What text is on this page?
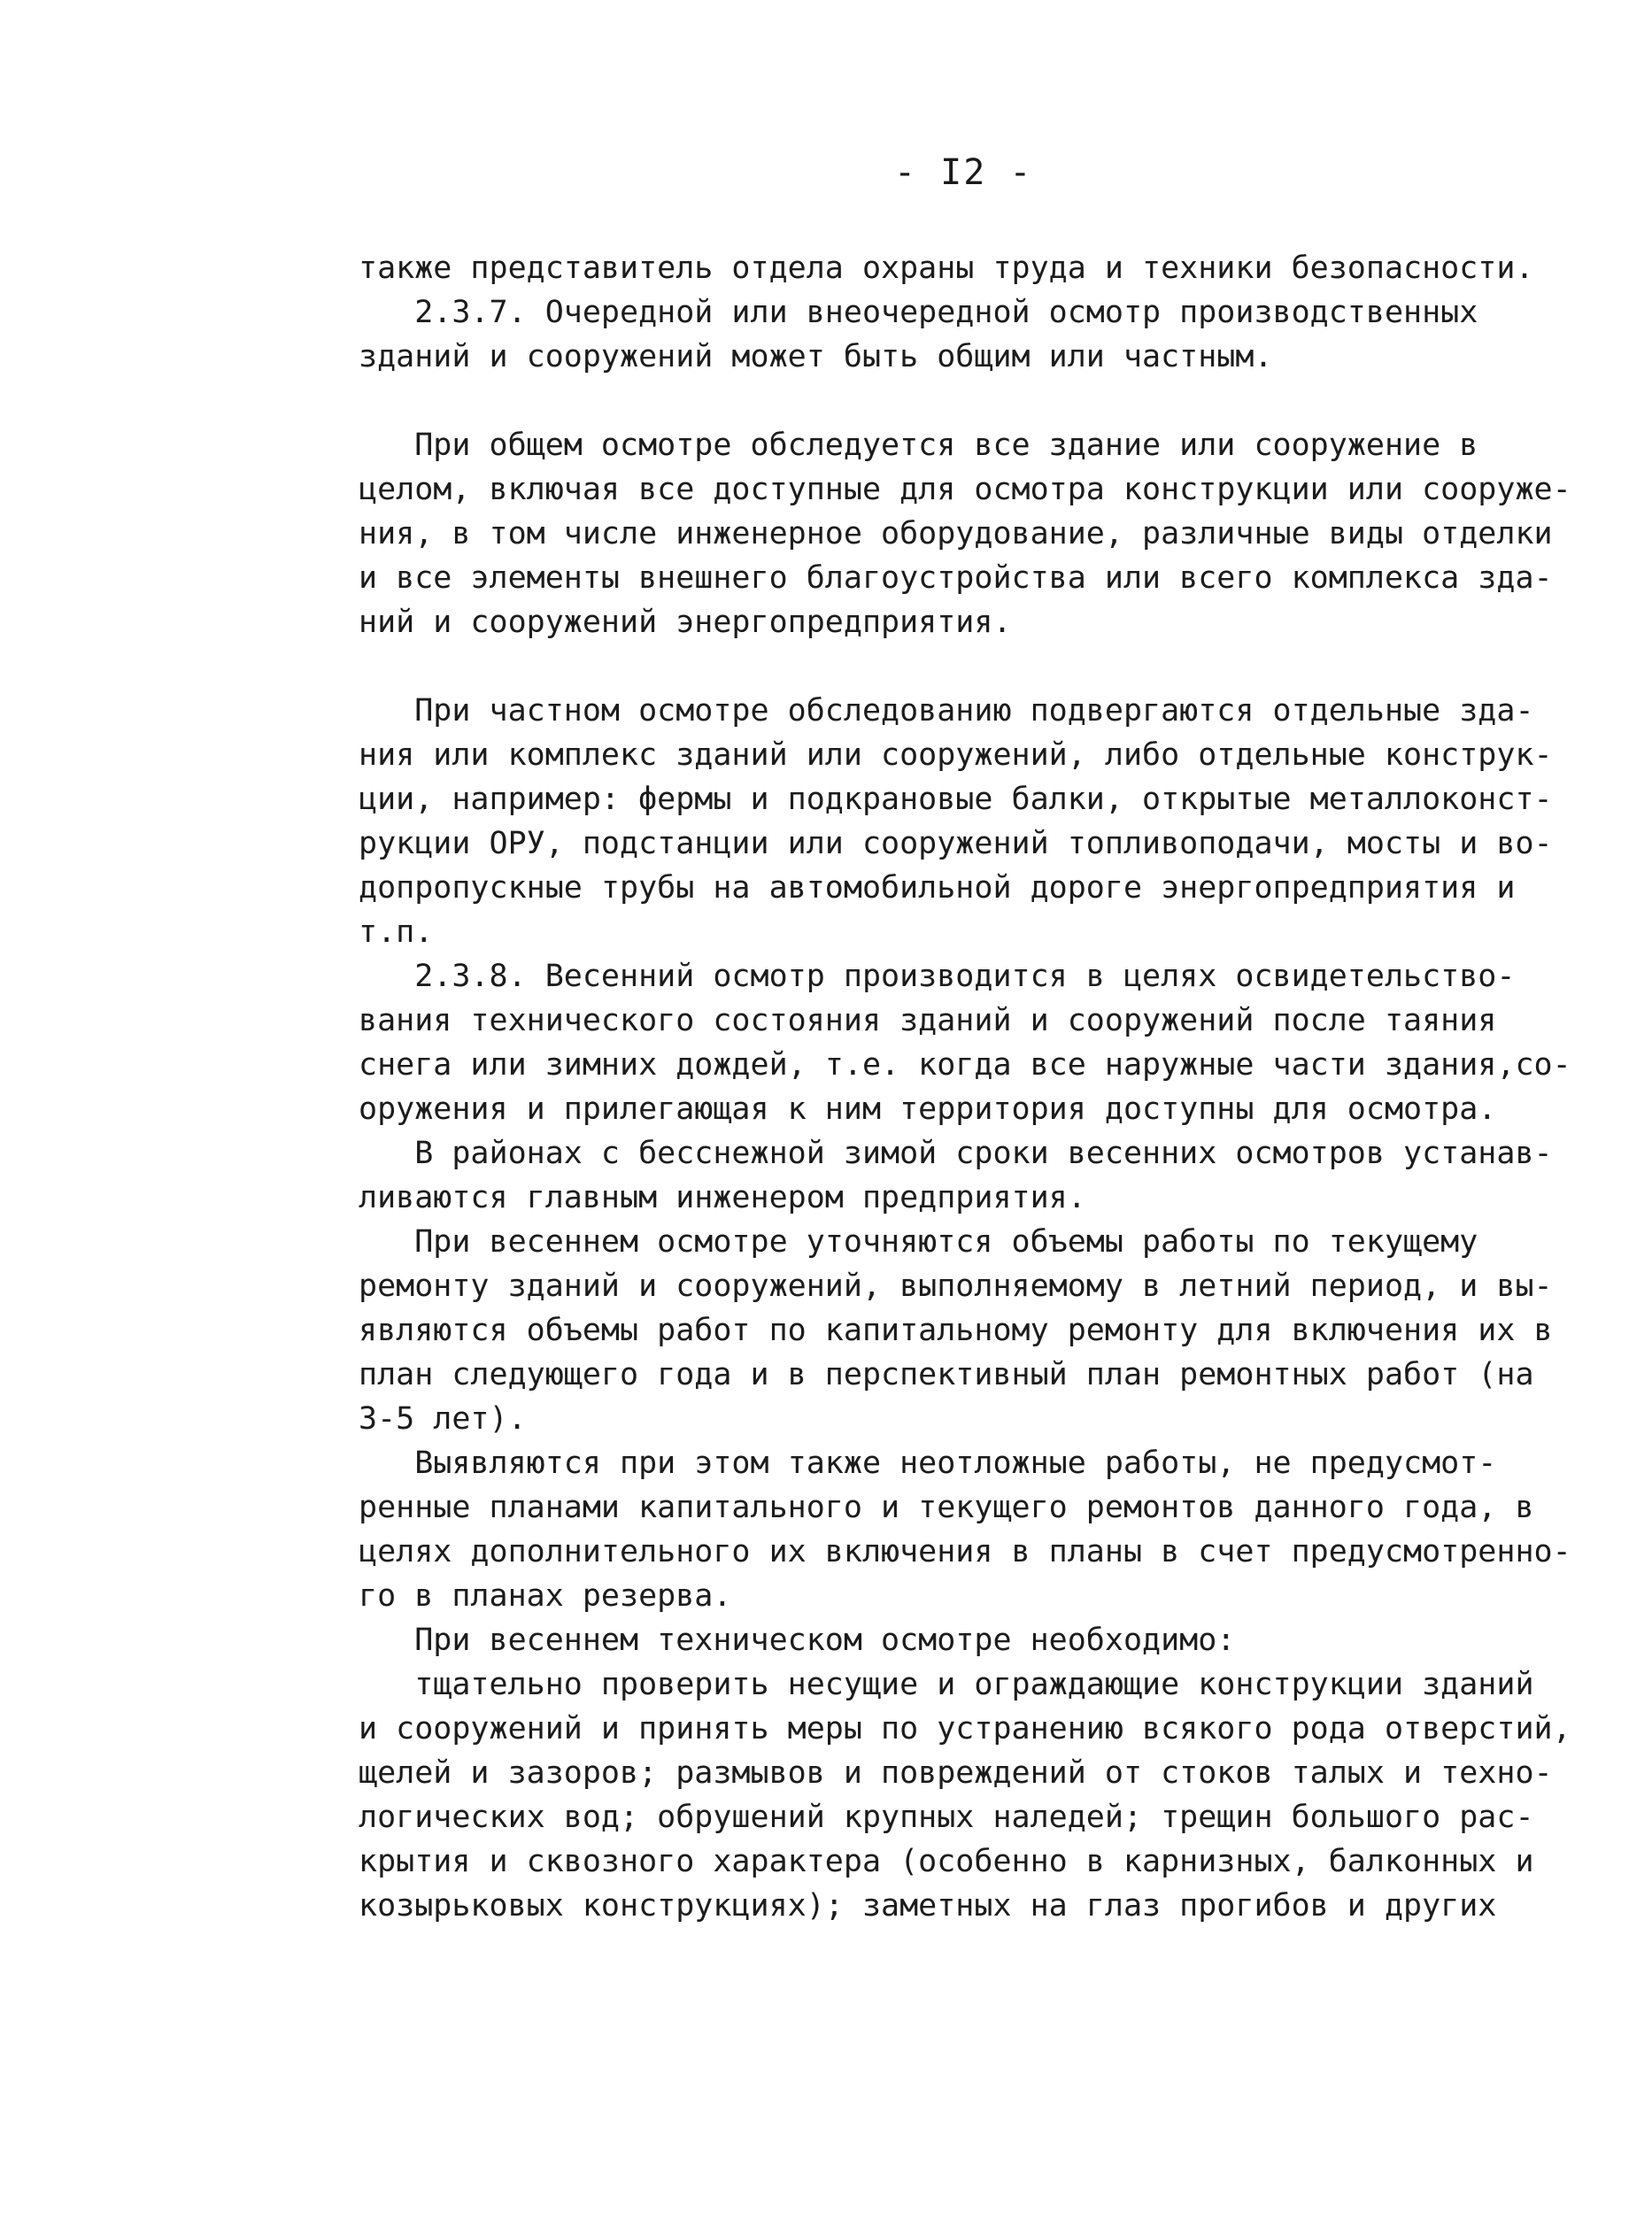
- I2 -
также представитель отдела охраны труда и техники безопасности.
2.3.7. Очередной или внеочередной осмотр производственных
зданий и сооружений может быть общим или частным.
При общем осмотре обследуется все здание или сооружение в
целом, включая все доступные для осмотра конструкции или сооруже-
ния, в том числе инженерное оборудование, различные виды отделки
и все элементы внешнего благоустройства или всего комплекса зда-
ний и сооружений энергопредприятия.
При частном осмотре обследованию подвергаются отдельные зда-
ния или комплекс зданий или сооружений, либо отдельные конструк-
ции, например: фермы и подкрановые балки, открытые металлоконст-
рукции ОРУ, подстанции или сооружений топливоподачи, мосты и во-
допропускные трубы на автомобильной дороге энергопредприятия и
т.п.
2.3.8. Весенний осмотр производится в целях освидетельство-
вания технического состояния зданий и сооружений после таяния
снега или зимних дождей, т.е. когда все наружные части здания,со-
оружения и прилегающая к ним территория доступны для осмотра.
В районах с бесснежной зимой сроки весенних осмотров устанав-
ливаются главным инженером предприятия.
При весеннем осмотре уточняются объемы работы по текущему
ремонту зданий и сооружений, выполняемому в летний период, и вы-
являются объемы работ по капитальному ремонту для включения их в
план следующего года и в перспективный план ремонтных работ (на
3-5 лет).
Выявляются при этом также неотложные работы, не предусмот-
ренные планами капитального и текущего ремонтов данного года, в
целях дополнительного их включения в планы в счет предусмотренно-
го в планах резерва.
При весеннем техническом осмотре необходимо:
тщательно проверить несущие и ограждающие конструкции зданий
и сооружений и принять меры по устранению всякого рода отверстий,
щелей и зазоров; размывов и повреждений от стоков талых и техно-
логических вод; обрушений крупных наледей; трещин большого рас-
крытия и сквозного характера (особенно в карнизных, балконных и
козырьковых конструкциях); заметных на глаз прогибов и других
